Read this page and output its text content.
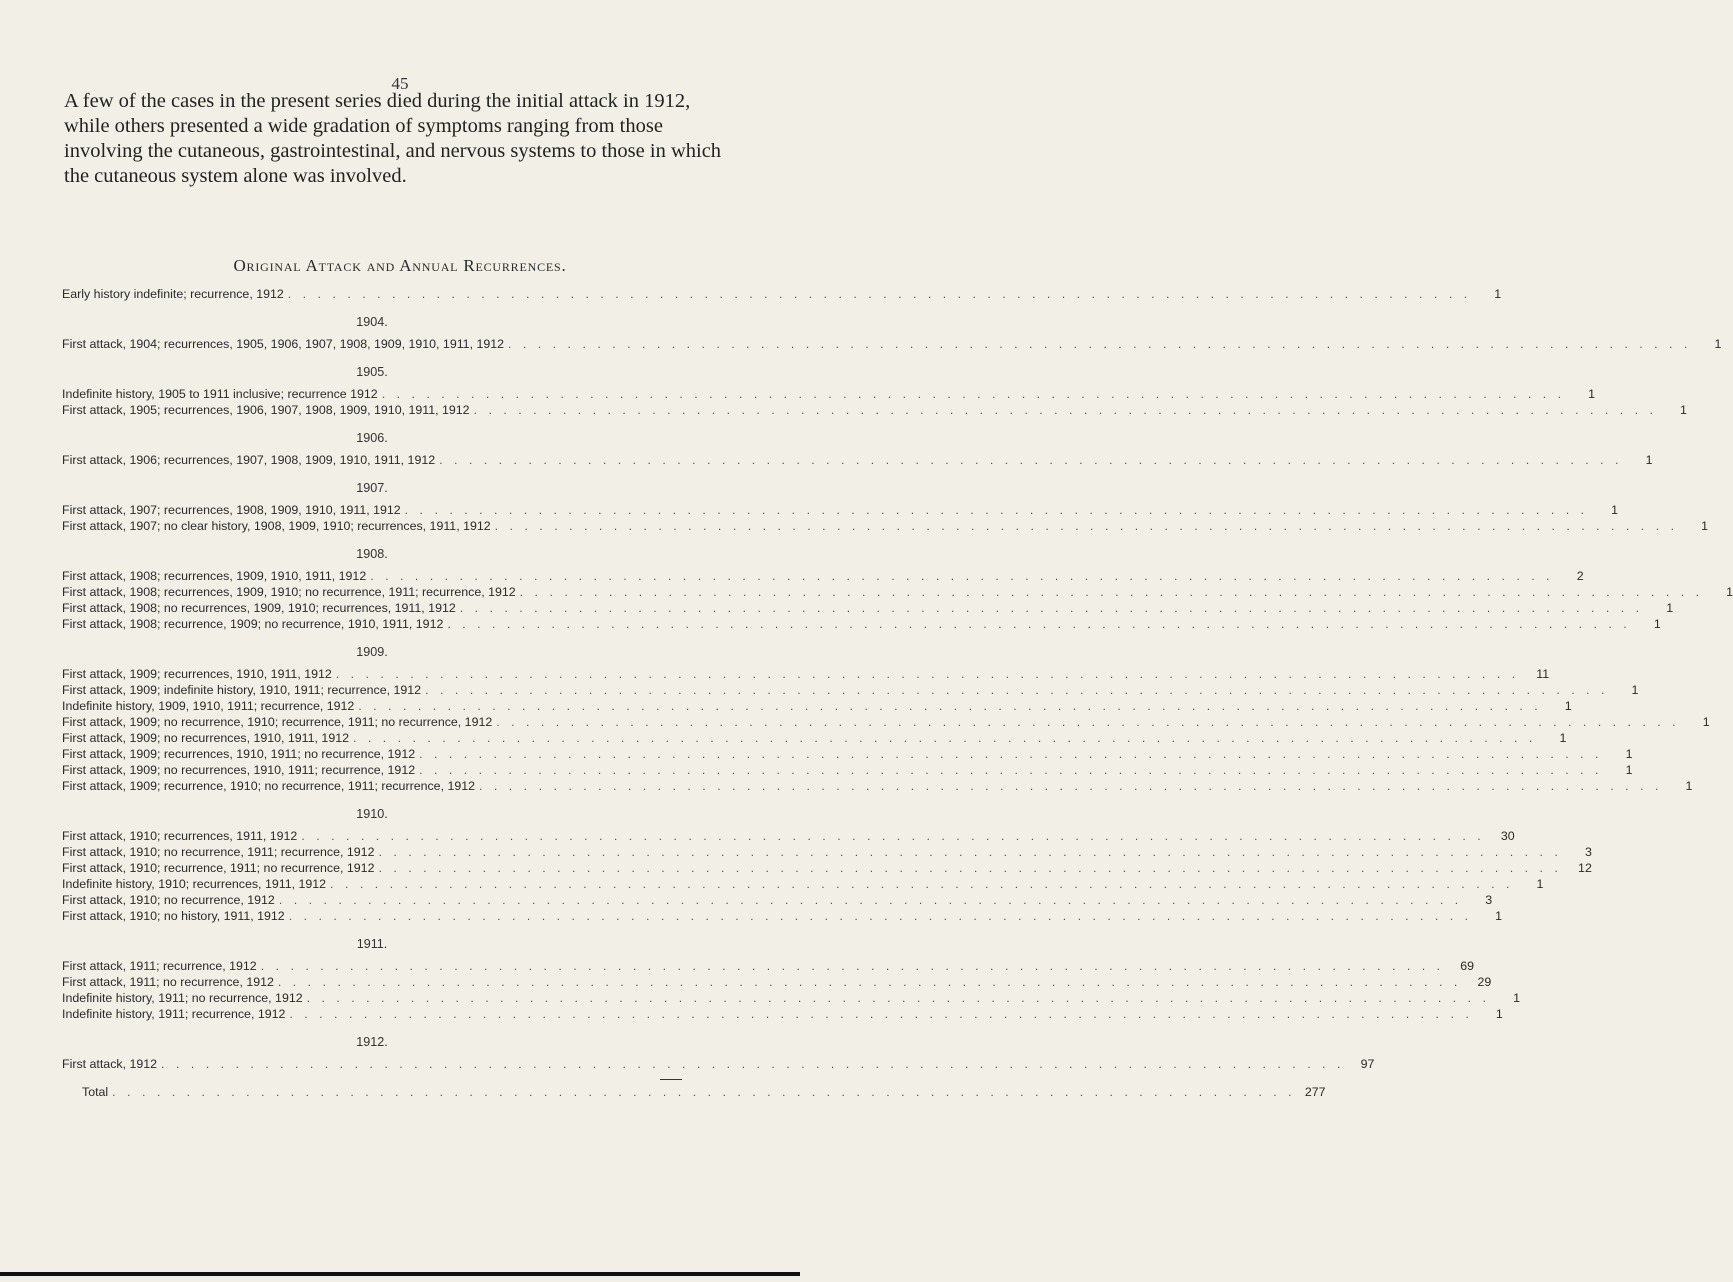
45

A few of the cases in the present series died during the initial attack in 1912, while others presented a wide gradation of symptoms ranging from those involving the cutaneous, gastrointestinal, and nervous systems to those in which the cutaneous system alone was involved.

Original Attack and Annual Recurrences.
Early history indefinite; recurrence, 1912 . . . . . . . . . . . . . . . . . . . . . . . . . . . . . . . . . . . . . . . . . . . . . . . . . . . . . . . . . . . . . . . . . . . . . . . . . . . . . . . .	1
1904.
First attack, 1904; recurrences, 1905, 1906, 1907, 1908, 1909, 1910, 1911, 1912 . . . . . . . . . . . . . . . . . . . . . . . . . . . . . . . . . . . . . . . . . . . . . . . . . . . . . . . . . . . . . . . . . . . . . . . . . . . . . . . .	1
1905.
Indefinite history, 1905 to 1911 inclusive; recurrence 1912 . . . . . . . . . . . . . . . . . . . . . . . . . . . . . . . . . . . . . . . . . . . . . . . . . . . . . . . . . . . . . . . . . . . . . . . . . . . . . . . .	1
First attack, 1905; recurrences, 1906, 1907, 1908, 1909, 1910, 1911, 1912 . . . . . . . . . . . . . . . . . . . . . . . . . . . . . . . . . . . . . . . . . . . . . . . . . . . . . . . . . . . . . . . . . . . . . . . . . . . . . . . .	1
1906.
First attack, 1906; recurrences, 1907, 1908, 1909, 1910, 1911, 1912 . . . . . . . . . . . . . . . . . . . . . . . . . . . . . . . . . . . . . . . . . . . . . . . . . . . . . . . . . . . . . . . . . . . . . . . . . . . . . . . .	1
1907.
First attack, 1907; recurrences, 1908, 1909, 1910, 1911, 1912 . . . . . . . . . . . . . . . . . . . . . . . . . . . . . . . . . . . . . . . . . . . . . . . . . . . . . . . . . . . . . . . . . . . . . . . . . . . . . . . .	1
First attack, 1907; no clear history, 1908, 1909, 1910; recurrences, 1911, 1912 . . . . . . . . . . . . . . . . . . . . . . . . . . . . . . . . . . . . . . . . . . . . . . . . . . . . . . . . . . . . . . . . . . . . . . . . . . . . . . . .	1
1908.
First attack, 1908; recurrences, 1909, 1910, 1911, 1912 . . . . . . . . . . . . . . . . . . . . . . . . . . . . . . . . . . . . . . . . . . . . . . . . . . . . . . . . . . . . . . . . . . . . . . . . . . . . . . . .	2
First attack, 1908; recurrences, 1909, 1910; no recurrence, 1911; recurrence, 1912 . . . . . . . . . . . . . . . . . . . . . . . . . . . . . . . . . . . . . . . . . . . . . . . . . . . . . . . . . . . . . . . . . . . . . . . . . . . . . . . .	1
First attack, 1908; no recurrences, 1909, 1910; recurrences, 1911, 1912 . . . . . . . . . . . . . . . . . . . . . . . . . . . . . . . . . . . . . . . . . . . . . . . . . . . . . . . . . . . . . . . . . . . . . . . . . . . . . . . .	1
First attack, 1908; recurrence, 1909; no recurrence, 1910, 1911, 1912 . . . . . . . . . . . . . . . . . . . . . . . . . . . . . . . . . . . . . . . . . . . . . . . . . . . . . . . . . . . . . . . . . . . . . . . . . . . . . . . .	1
1909.
First attack, 1909; recurrences, 1910, 1911, 1912 . . . . . . . . . . . . . . . . . . . . . . . . . . . . . . . . . . . . . . . . . . . . . . . . . . . . . . . . . . . . . . . . . . . . . . . . . . . . . . . .	11
First attack, 1909; indefinite history, 1910, 1911; recurrence, 1912 . . . . . . . . . . . . . . . . . . . . . . . . . . . . . . . . . . . . . . . . . . . . . . . . . . . . . . . . . . . . . . . . . . . . . . . . . . . . . . . .	1
Indefinite history, 1909, 1910, 1911; recurrence, 1912 . . . . . . . . . . . . . . . . . . . . . . . . . . . . . . . . . . . . . . . . . . . . . . . . . . . . . . . . . . . . . . . . . . . . . . . . . . . . . . . .	1
First attack, 1909; no recurrence, 1910; recurrence, 1911; no recurrence, 1912 . . . . . . . . . . . . . . . . . . . . . . . . . . . . . . . . . . . . . . . . . . . . . . . . . . . . . . . . . . . . . . . . . . . . . . . . . . . . . . . .	1
First attack, 1909; no recurrences, 1910, 1911, 1912 . . . . . . . . . . . . . . . . . . . . . . . . . . . . . . . . . . . . . . . . . . . . . . . . . . . . . . . . . . . . . . . . . . . . . . . . . . . . . . . .	1
First attack, 1909; recurrences, 1910, 1911; no recurrence, 1912 . . . . . . . . . . . . . . . . . . . . . . . . . . . . . . . . . . . . . . . . . . . . . . . . . . . . . . . . . . . . . . . . . . . . . . . . . . . . . . . .	1
First attack, 1909; no recurrences, 1910, 1911; recurrence, 1912 . . . . . . . . . . . . . . . . . . . . . . . . . . . . . . . . . . . . . . . . . . . . . . . . . . . . . . . . . . . . . . . . . . . . . . . . . . . . . . . .	1
First attack, 1909; recurrence, 1910; no recurrence, 1911; recurrence, 1912 . . . . . . . . . . . . . . . . . . . . . . . . . . . . . . . . . . . . . . . . . . . . . . . . . . . . . . . . . . . . . . . . . . . . . . . . . . . . . . . .	1
1910.
First attack, 1910; recurrences, 1911, 1912 . . . . . . . . . . . . . . . . . . . . . . . . . . . . . . . . . . . . . . . . . . . . . . . . . . . . . . . . . . . . . . . . . . . . . . . . . . . . . . . .	30
First attack, 1910; no recurrence, 1911; recurrence, 1912 . . . . . . . . . . . . . . . . . . . . . . . . . . . . . . . . . . . . . . . . . . . . . . . . . . . . . . . . . . . . . . . . . . . . . . . . . . . . . . . .	3
First attack, 1910; recurrence, 1911; no recurrence, 1912 . . . . . . . . . . . . . . . . . . . . . . . . . . . . . . . . . . . . . . . . . . . . . . . . . . . . . . . . . . . . . . . . . . . . . . . . . . . . . . . .	12
Indefinite history, 1910; recurrences, 1911, 1912 . . . . . . . . . . . . . . . . . . . . . . . . . . . . . . . . . . . . . . . . . . . . . . . . . . . . . . . . . . . . . . . . . . . . . . . . . . . . . . . .	1
First attack, 1910; no recurrence, 1912 . . . . . . . . . . . . . . . . . . . . . . . . . . . . . . . . . . . . . . . . . . . . . . . . . . . . . . . . . . . . . . . . . . . . . . . . . . . . . . . .	3
First attack, 1910; no history, 1911, 1912 . . . . . . . . . . . . . . . . . . . . . . . . . . . . . . . . . . . . . . . . . . . . . . . . . . . . . . . . . . . . . . . . . . . . . . . . . . . . . . . .	1
1911.
First attack, 1911; recurrence, 1912 . . . . . . . . . . . . . . . . . . . . . . . . . . . . . . . . . . . . . . . . . . . . . . . . . . . . . . . . . . . . . . . . . . . . . . . . . . . . . . . .	69
First attack, 1911; no recurrence, 1912 . . . . . . . . . . . . . . . . . . . . . . . . . . . . . . . . . . . . . . . . . . . . . . . . . . . . . . . . . . . . . . . . . . . . . . . . . . . . . . . .	29
Indefinite history, 1911; no recurrence, 1912 . . . . . . . . . . . . . . . . . . . . . . . . . . . . . . . . . . . . . . . . . . . . . . . . . . . . . . . . . . . . . . . . . . . . . . . . . . . . . . . .	1
Indefinite history, 1911; recurrence, 1912 . . . . . . . . . . . . . . . . . . . . . . . . . . . . . . . . . . . . . . . . . . . . . . . . . . . . . . . . . . . . . . . . . . . . . . . . . . . . . . . .	1
1912.
First attack, 1912 . . . . . . . . . . . . . . . . . . . . . . . . . . . . . . . . . . . . . . . . . . . . . . . . . . . . . . . . . . . . . . . . . . . . . . . . . . . . . . . .	97
Total . . . . . . . . . . . . . . . . . . . . . . . . . . . . . . . . . . . . . . . . . . . . . . . . . . . . . . . . . . . . . . . . . . . . . . . . . . . . . . . . 277
